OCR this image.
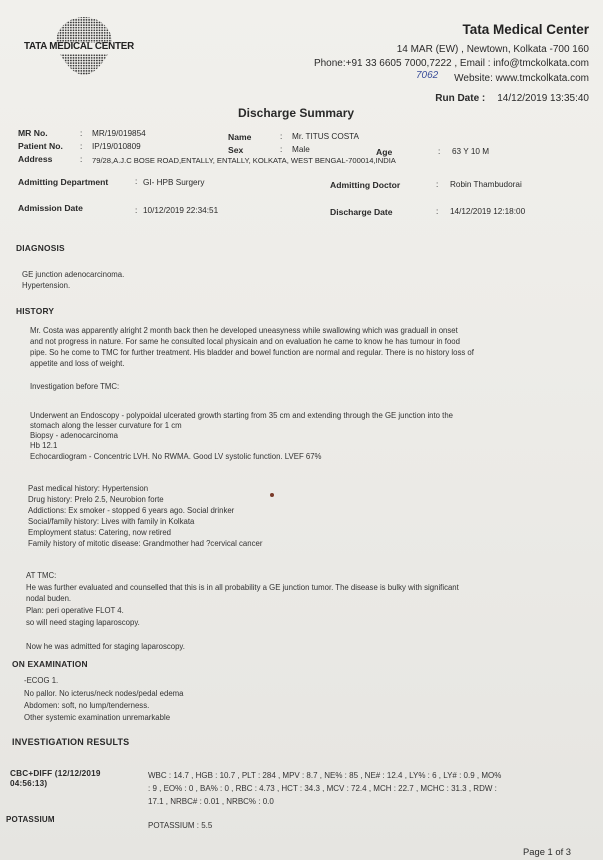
TATA MEDICAL CENTER
Tata Medical Center
14 MAR (EW) , Newtown, Kolkata -700 160
Phone:+91 33 6605 7000,7222 , Email : info@tmckolkata.com
7062 Website: www.tmckolkata.com
Run Date : 14/12/2019 13:35:40
Discharge Summary
MR No.	: MR/19/019854
Patient No. : IP/19/010809
Address	: 79/28,A.J.C BOSE ROAD,ENTALLY, ENTALLY, KOLKATA, WEST BENGAL-700014,INDIA
Name	: Mr. TITUS COSTA
Sex	: Male	Age	: 63 Y 10 M
Admitting Department	: GI- HPB Surgery	Admitting Doctor	: Robin Thambudorai
Admission Date	: 10/12/2019 22:34:51	Discharge Date	: 14/12/2019 12:18:00
DIAGNOSIS
GE junction adenocarcinoma.
Hypertension.
HISTORY
Mr. Costa was apparently alright 2 month back then he developed uneasyness while swallowing which was graduall in onset
and not progress in nature. For same he consulted local physicain and on evaluation he came to know he has tumour in food
pipe. So he come to TMC for further treatment. His bladder and bowel function are normal and regular. There is no history loss of
appetite and loss of weight.
Investigation before TMC:
Underwent an Endoscopy - polypoidal ulcerated growth starting from 35 cm and extending through the GE junction into the
stomach along the lesser curvature for 1 cm
Biopsy - adenocarcinoma
Hb 12.1
Echocardiogram - Concentric LVH. No RWMA. Good LV systolic function. LVEF 67%
Past medical history: Hypertension
Drug history: Prelo 2.5, Neurobion forte
Addictions: Ex smoker - stopped 6 years ago. Social drinker
Social/family history: Lives with family in Kolkata
Employment status: Catering, now retired
Family history of mitotic disease: Grandmother had ?cervical cancer
AT TMC:
He was further evaluated and counselled that this is in all probability a GE junction tumor. The disease is bulky with significant
nodal buden.
Plan: peri operative FLOT 4.
so will need staging laparoscopy.
Now he was admitted for staging laparoscopy.
ON EXAMINATION
-ECOG 1.
No pallor. No icterus/neck nodes/pedal edema
Abdomen: soft, no lump/tenderness.
Other systemic examination unremarkable
INVESTIGATION RESULTS
CBC+DIFF (12/12/2019
04:56:13)
WBC : 14.7 , HGB : 10.7 , PLT : 284 , MPV : 8.7 , NE% : 85 , NE# : 12.4 , LY% : 6 , LY# : 0.9 , MO%
: 9 , EO% : 0 , BA% : 0 , RBC : 4.73 , HCT : 34.3 , MCV : 72.4 , MCH : 22.7 , MCHC : 31.3 , RDW :
17.1 , NRBC# : 0.01 , NRBC% : 0.0
POTASSIUM
POTASSIUM : 5.5
Page 1 of 3
